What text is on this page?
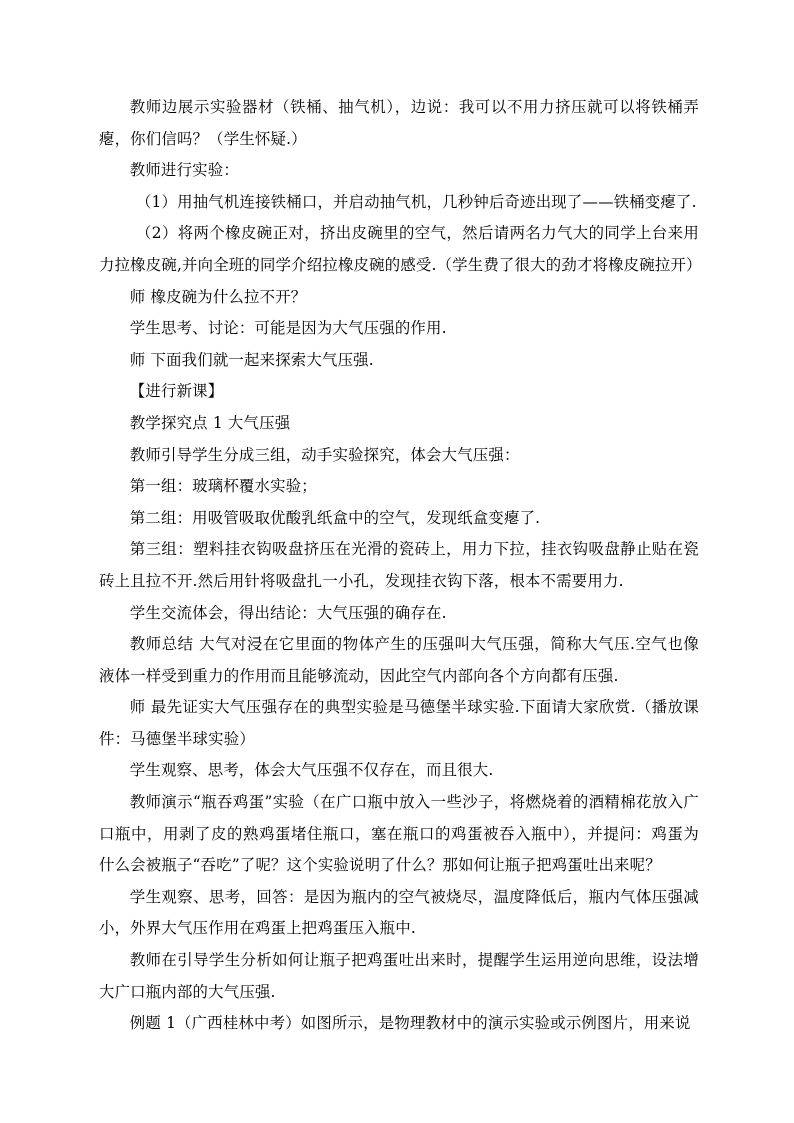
教师边展示实验器材（铁桶、抽气机），边说：我可以不用力挤压就可以将铁桶弄瘪，你们信吗？（学生怀疑.）

教师进行实验：

（1）用抽气机连接铁桶口，并启动抽气机，几秒钟后奇迹出现了——铁桶变瘪了.

（2）将两个橡皮碗正对，挤出皮碗里的空气，然后请两名力气大的同学上台来用力拉橡皮碗,并向全班的同学介绍拉橡皮碗的感受.（学生费了很大的劲才将橡皮碗拉开）

师 橡皮碗为什么拉不开？

学生思考、讨论：可能是因为大气压强的作用.

师 下面我们就一起来探索大气压强.

【进行新课】

教学探究点 1 大气压强

教师引导学生分成三组，动手实验探究，体会大气压强：

第一组：玻璃杯覆水实验；

第二组：用吸管吸取优酸乳纸盒中的空气，发现纸盒变瘪了.

第三组：塑料挂衣钩吸盘挤压在光滑的瓷砖上，用力下拉，挂衣钩吸盘静止贴在瓷砖上且拉不开.然后用针将吸盘扎一小孔，发现挂衣钩下落，根本不需要用力.

学生交流体会，得出结论：大气压强的确存在.

教师总结 大气对浸在它里面的物体产生的压强叫大气压强，简称大气压.空气也像液体一样受到重力的作用而且能够流动，因此空气内部向各个方向都有压强.

师 最先证实大气压强存在的典型实验是马德堡半球实验.下面请大家欣赏.（播放课件：马德堡半球实验）

学生观察、思考，体会大气压强不仅存在，而且很大.

教师演示“瓶吞鸡蛋”实验（在广口瓶中放入一些沙子，将燃烧着的酒精棉花放入广口瓶中，用剥了皮的熟鸡蛋堵住瓶口，塞在瓶口的鸡蛋被吞入瓶中），并提问：鸡蛋为什么会被瓶子“吞吃”了呢？这个实验说明了什么？那如何让瓶子把鸡蛋吐出来呢？

学生观察、思考，回答：是因为瓶内的空气被烧尽，温度降低后，瓶内气体压强减小，外界大气压作用在鸡蛋上把鸡蛋压入瓶中.

教师在引导学生分析如何让瓶子把鸡蛋吐出来时，提醒学生运用逆向思维，设法增大广口瓶内部的大气压强.

例题 1（广西桂林中考）如图所示，是物理教材中的演示实验或示例图片，用来说
